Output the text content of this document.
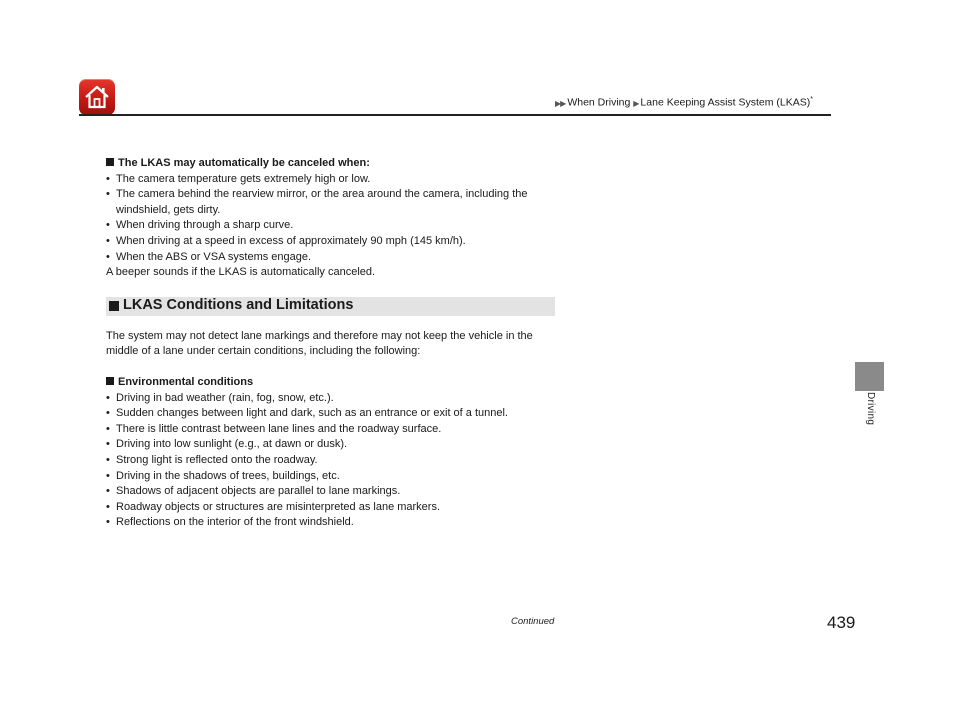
▶▶ When Driving ▶ Lane Keeping Assist System (LKAS)*
Driving

The LKAS may automatically be canceled when:

• The camera temperature gets extremely high or low.
• The camera behind the rearview mirror, or the area around the camera, including the windshield, gets dirty.
• When driving through a sharp curve.
• When driving at a speed in excess of approximately 90 mph (145 km/h).
• When the ABS or VSA systems engage.

A beeper sounds if the LKAS is automatically canceled.

LKAS Conditions and Limitations

The system may not detect lane markings and therefore may not keep the vehicle in the middle of a lane under certain conditions, including the following:

Environmental conditions

• Driving in bad weather (rain, fog, snow, etc.).
• Sudden changes between light and dark, such as an entrance or exit of a tunnel.
• There is little contrast between lane lines and the roadway surface.
• Driving into low sunlight (e.g., at dawn or dusk).
• Strong light is reflected onto the roadway.
• Driving in the shadows of trees, buildings, etc.
• Shadows of adjacent objects are parallel to lane markings.
• Roadway objects or structures are misinterpreted as lane markers.
• Reflections on the interior of the front windshield.
Continued	439
